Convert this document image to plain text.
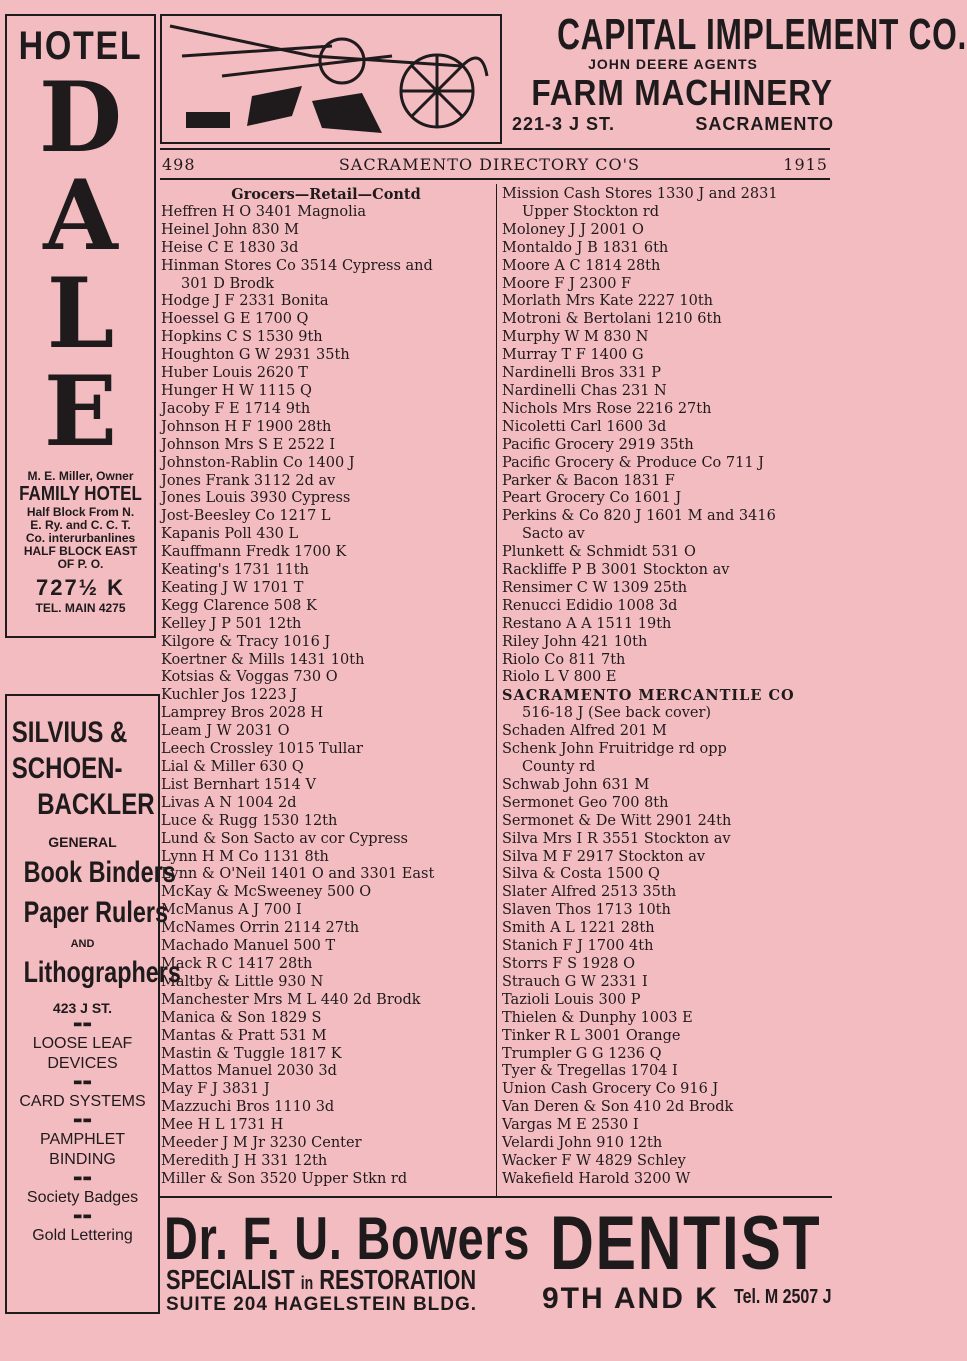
HOTEL
D
A
L
E
M. E. Miller, Owner
FAMILY HOTEL
Half Block From N.
E. Ry. and C. C. T.
Co. interurbanlines
HALF BLOCK EAST
OF P. O.
727½ K
TEL. MAIN 4275
SILVIUS &
SCHOEN-
BACKLER
GENERAL
Book Binders
Paper Rulers
AND
Lithographers
423 J ST.
▬▬
LOOSE LEAF DEVICES
▬▬
CARD SYSTEMS
▬▬
PAMPHLET BINDING
▬▬
Society Badges
▬▬
Gold Lettering
CAPITAL IMPLEMENT CO.
JOHN DEERE AGENTS
FARM MACHINERY
221-3 J ST.	SACRAMENTO
498	SACRAMENTO DIRECTORY CO'S	1915
Grocers—Retail—Contd
Heffren H O 3401 Magnolia
Heinel John 830 M
Heise C E 1830 3d
Hinman Stores Co 3514 Cypress and
301 D Brodk
Hodge J F 2331 Bonita
Hoessel G E 1700 Q
Hopkins C S 1530 9th
Houghton G W 2931 35th
Huber Louis 2620 T
Hunger H W 1115 Q
Jacoby F E 1714 9th
Johnson H F 1900 28th
Johnson Mrs S E 2522 I
Johnston-Rablin Co 1400 J
Jones Frank 3112 2d av
Jones Louis 3930 Cypress
Jost-Beesley Co 1217 L
Kapanis Poll 430 L
Kauffmann Fredk 1700 K
Keating's 1731 11th
Keating J W 1701 T
Kegg Clarence 508 K
Kelley J P 501 12th
Kilgore & Tracy 1016 J
Koertner & Mills 1431 10th
Kotsias & Voggas 730 O
Kuchler Jos 1223 J
Lamprey Bros 2028 H
Leam J W 2031 O
Leech Crossley 1015 Tullar
Lial & Miller 630 Q
List Bernhart 1514 V
Livas A N 1004 2d
Luce & Rugg 1530 12th
Lund & Son Sacto av cor Cypress
Lynn H M Co 1131 8th
Lynn & O'Neil 1401 O and 3301 East
McKay & McSweeney 500 O
McManus A J 700 I
McNames Orrin 2114 27th
Machado Manuel 500 T
Mack R C 1417 28th
Maltby & Little 930 N
Manchester Mrs M L 440 2d Brodk
Manica & Son 1829 S
Mantas & Pratt 531 M
Mastin & Tuggle 1817 K
Mattos Manuel 2030 3d
May F J 3831 J
Mazzuchi Bros 1110 3d
Mee H L 1731 H
Meeder J M Jr 3230 Center
Meredith J H 331 12th
Miller & Son 3520 Upper Stkn rd
Mission Cash Stores 1330 J and 2831
Upper Stockton rd
Moloney J J 2001 O
Montaldo J B 1831 6th
Moore A C 1814 28th
Moore F J 2300 F
Morlath Mrs Kate 2227 10th
Motroni & Bertolani 1210 6th
Murphy W M 830 N
Murray T F 1400 G
Nardinelli Bros 331 P
Nardinelli Chas 231 N
Nichols Mrs Rose 2216 27th
Nicoletti Carl 1600 3d
Pacific Grocery 2919 35th
Pacific Grocery & Produce Co 711 J
Parker & Bacon 1831 F
Peart Grocery Co 1601 J
Perkins & Co 820 J 1601 M and 3416
Sacto av
Plunkett & Schmidt 531 O
Rackliffe P B 3001 Stockton av
Rensimer C W 1309 25th
Renucci Edidio 1008 3d
Restano A A 1511 19th
Riley John 421 10th
Riolo Co 811 7th
Riolo L V 800 E
SACRAMENTO MERCANTILE CO
516-18 J (See back cover)
Schaden Alfred 201 M
Schenk John Fruitridge rd opp
County rd
Schwab John 631 M
Sermonet Geo 700 8th
Sermonet & De Witt 2901 24th
Silva Mrs I R 3551 Stockton av
Silva M F 2917 Stockton av
Silva & Costa 1500 Q
Slater Alfred 2513 35th
Slaven Thos 1713 10th
Smith A L 1221 28th
Stanich F J 1700 4th
Storrs F S 1928 O
Strauch G W 2331 I
Tazioli Louis 300 P
Thielen & Dunphy 1003 E
Tinker R L 3001 Orange
Trumpler G G 1236 Q
Tyer & Tregellas 1704 I
Union Cash Grocery Co 916 J
Van Deren & Son 410 2d Brodk
Vargas M E 2530 I
Velardi John 910 12th
Wacker F W 4829 Schley
Wakefield Harold 3200 W
Dr. F. U. Bowers DENTIST
SPECIALIST in RESTORATION
SUITE 204 HAGELSTEIN BLDG. 9TH AND K Tel. M 2507 J
